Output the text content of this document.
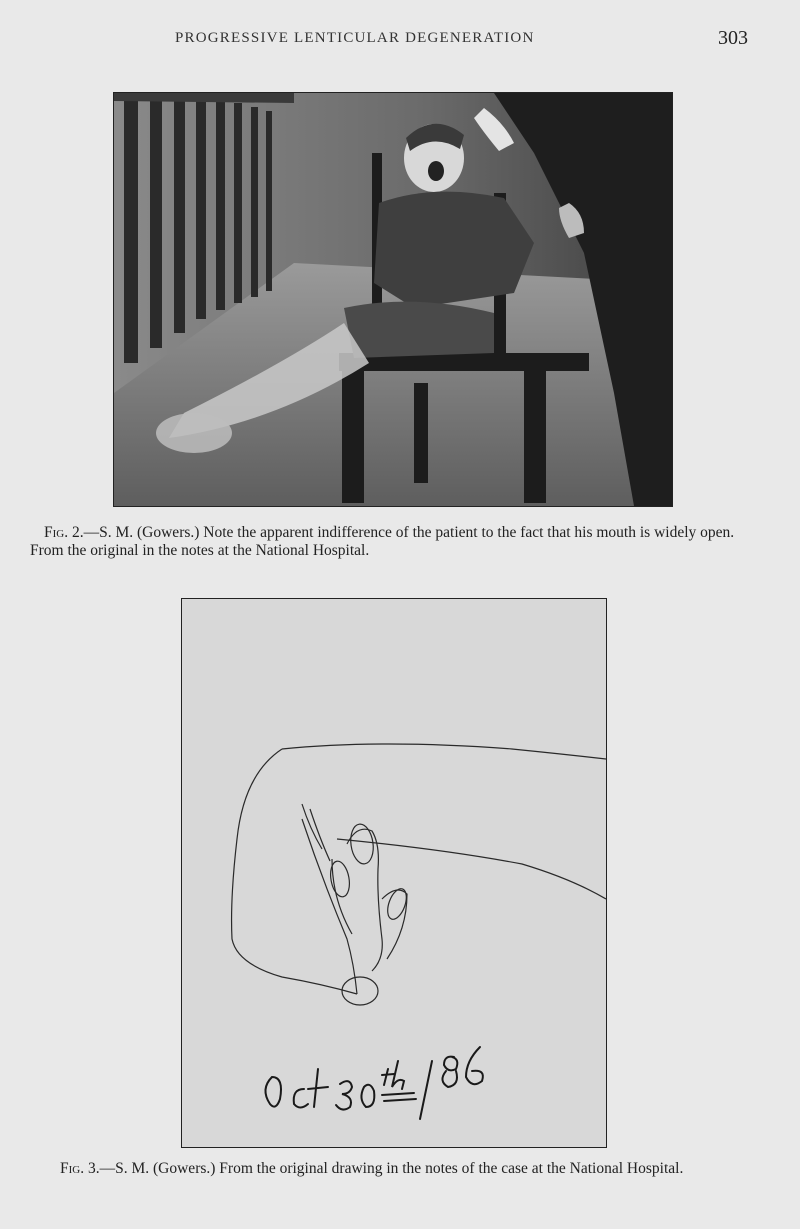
PROGRESSIVE LENTICULAR DEGENERATION	303
Fig. 2.—S. M. (Gowers.) Note the apparent indifference of the patient to the fact that his mouth is widely open. From the original in the notes at the National Hospital.
Fig. 3.—S. M. (Gowers.) From the original drawing in the notes of the case at the National Hospital.
